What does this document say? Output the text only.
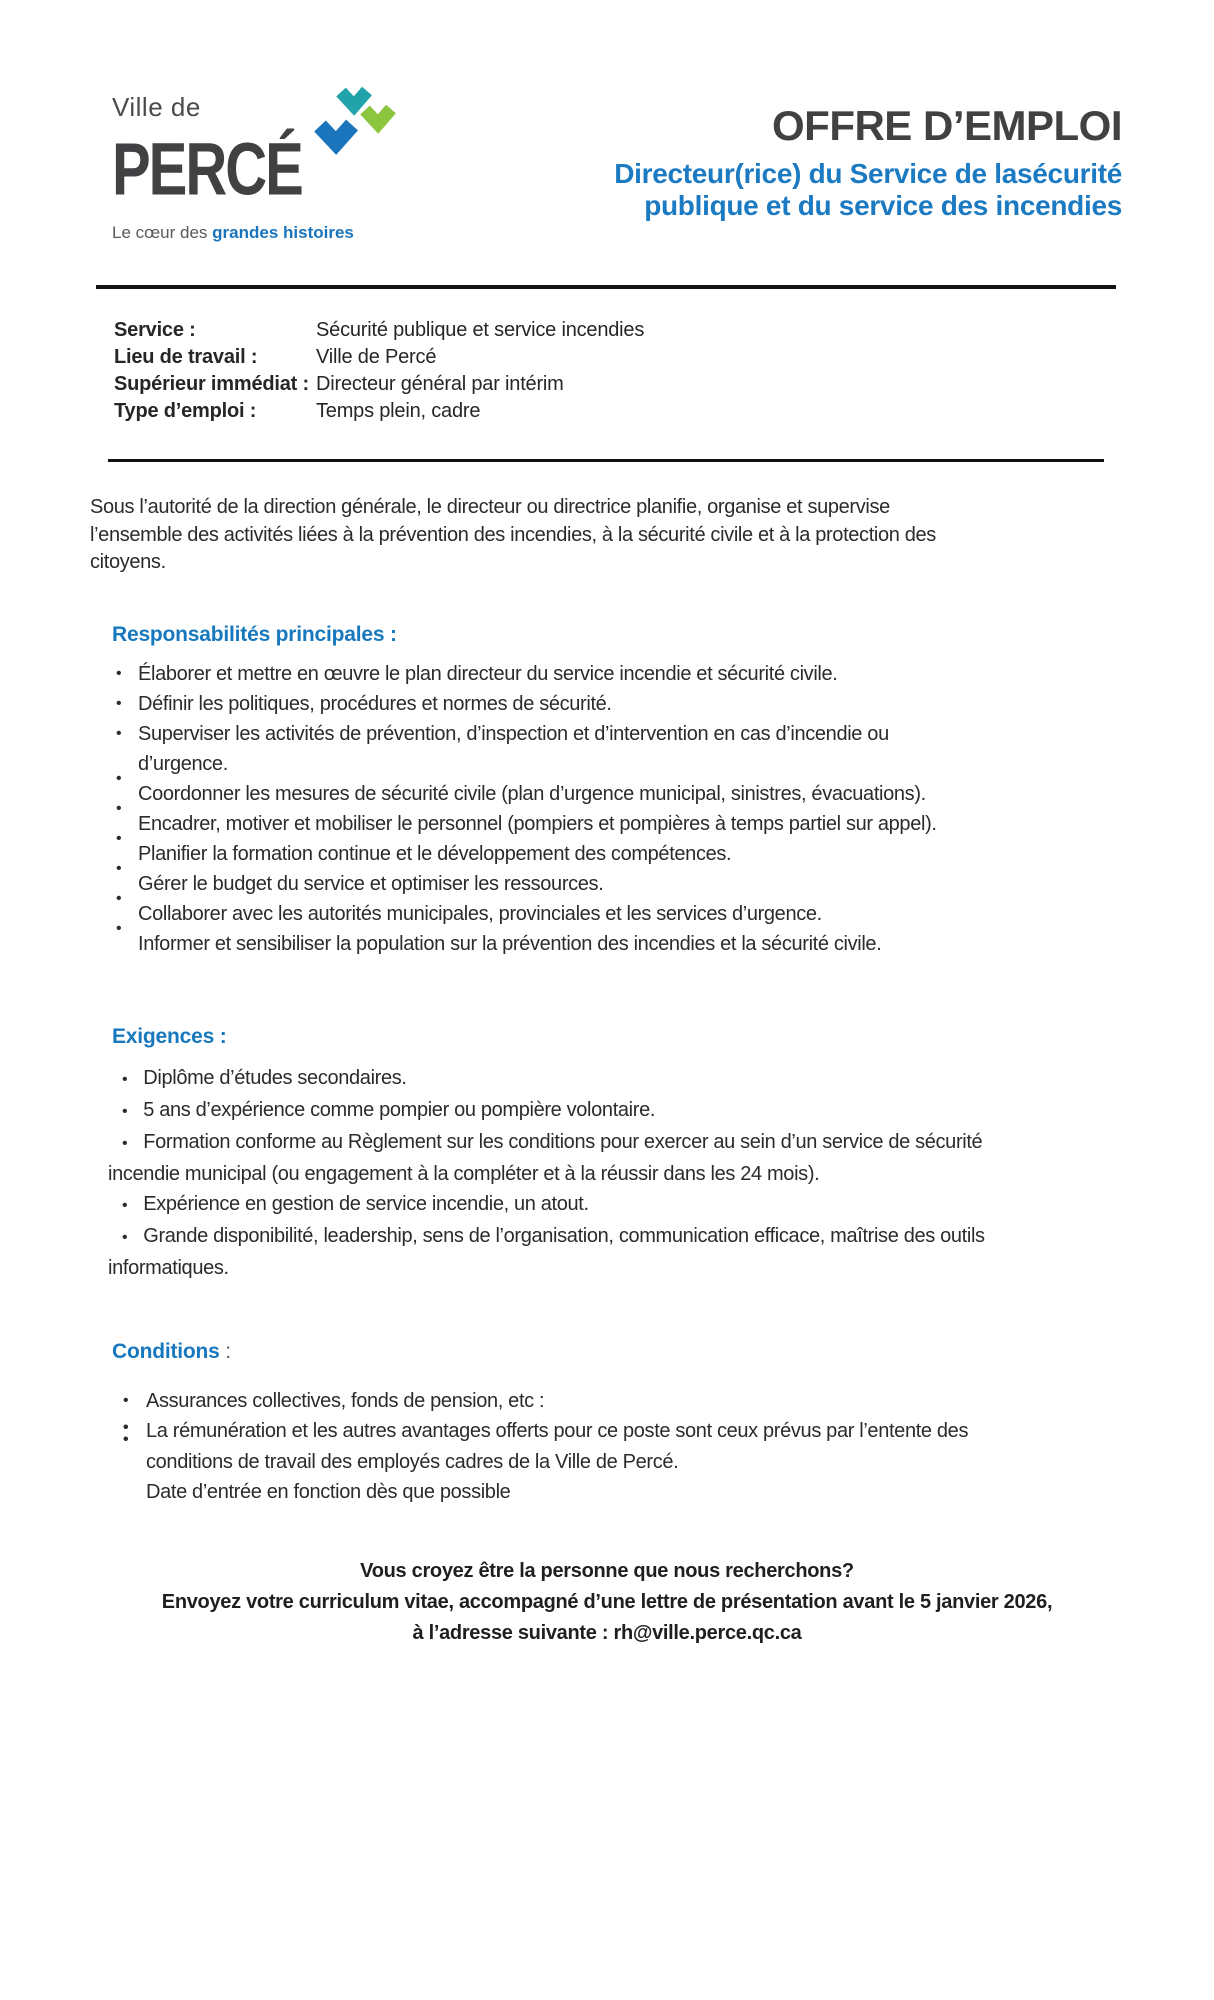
Ville de
PERCÉ
Le cœur des grandes histoires
OFFRE D’EMPLOI
Directeur(rice) du Service de lasécurité
publique et du service des incendies
Service :	Sécurité publique et service incendies
Lieu de travail :	Ville de Percé
Supérieur immédiat : Directeur général par intérim
Type d’emploi :	Temps plein, cadre

Sous l’autorité de la direction générale, le directeur ou directrice planifie, organise et supervise l’ensemble des activités liées à la prévention des incendies, à la sécurité civile et à la protection des citoyens.

Responsabilités principales :
• Élaborer et mettre en œuvre le plan directeur du service incendie et sécurité civile.
• Définir les politiques, procédures et normes de sécurité.
• Superviser les activités de prévention, d’inspection et d’intervention en cas d’incendie ou d’urgence.
•
Coordonner les mesures de sécurité civile (plan d’urgence municipal, sinistres, évacuations).
•
Encadrer, motiver et mobiliser le personnel (pompiers et pompières à temps partiel sur appel).
•
Planifier la formation continue et le développement des compétences.
•
Gérer le budget du service et optimiser les ressources.
•
Collaborer avec les autorités municipales, provinciales et les services d’urgence.
•
Informer et sensibiliser la population sur la prévention des incendies et la sécurité civile.
Exigences :

• Diplôme d’études secondaires.

• 5 ans d’expérience comme pompier ou pompière volontaire.

• Formation conforme au Règlement sur les conditions pour exercer au sein d’un service de sécurité incendie municipal (ou engagement à la compléter et à la réussir dans les 24 mois).

• Expérience en gestion de service incendie, un atout.

• Grande disponibilité, leadership, sens de l’organisation, communication efficace, maîtrise des outils informatiques.

Conditions :
• Assurances collectives, fonds de pension, etc :
•
• La rémunération et les autres avantages offerts pour ce poste sont ceux prévus par l’entente des conditions de travail des employés cadres de la Ville de Percé.
Date d’entrée en fonction dès que possible
Vous croyez être la personne que nous recherchons?
Envoyez votre curriculum vitae, accompagné d’une lettre de présentation avant le 5 janvier 2026,
à l’adresse suivante : rh@ville.perce.qc.ca
